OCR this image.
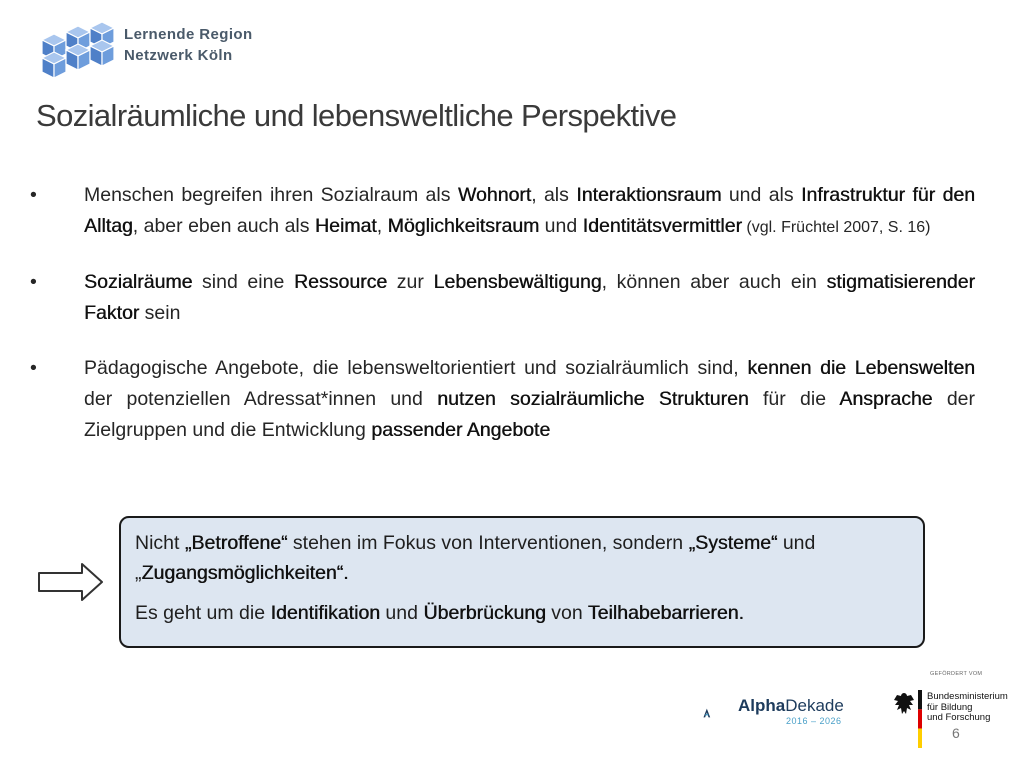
Lernende Region
Netzwerk Köln
Sozialräumliche und lebensweltliche Perspektive
• Menschen begreifen ihren Sozialraum als Wohnort, als Interaktionsraum und als Infrastruktur für den Alltag, aber eben auch als Heimat, Möglichkeitsraum und Identitätsvermittler (vgl. Früchtel 2007, S. 16)
• Sozialräume sind eine Ressource zur Lebensbewältigung, können aber auch ein stigmatisierender Faktor sein
• Pädagogische Angebote, die lebensweltorientiert und sozialräumlich sind, kennen die Lebenswelten der potenziellen Adressat*innen und nutzen sozialräumliche Strukturen für die Ansprache der Zielgruppen und die Entwicklung passender Angebote

Nicht „Betroffene“ stehen im Fokus von Interventionen, sondern „Systeme“ und „Zugangsmöglichkeiten“.

Es geht um die Identifikation und Überbrückung von Teilhabebarrieren.

GEFÖRDERT VOM
AlphaDekade
2016 – 2026
Bundesministerium
für Bildung
und Forschung
6
